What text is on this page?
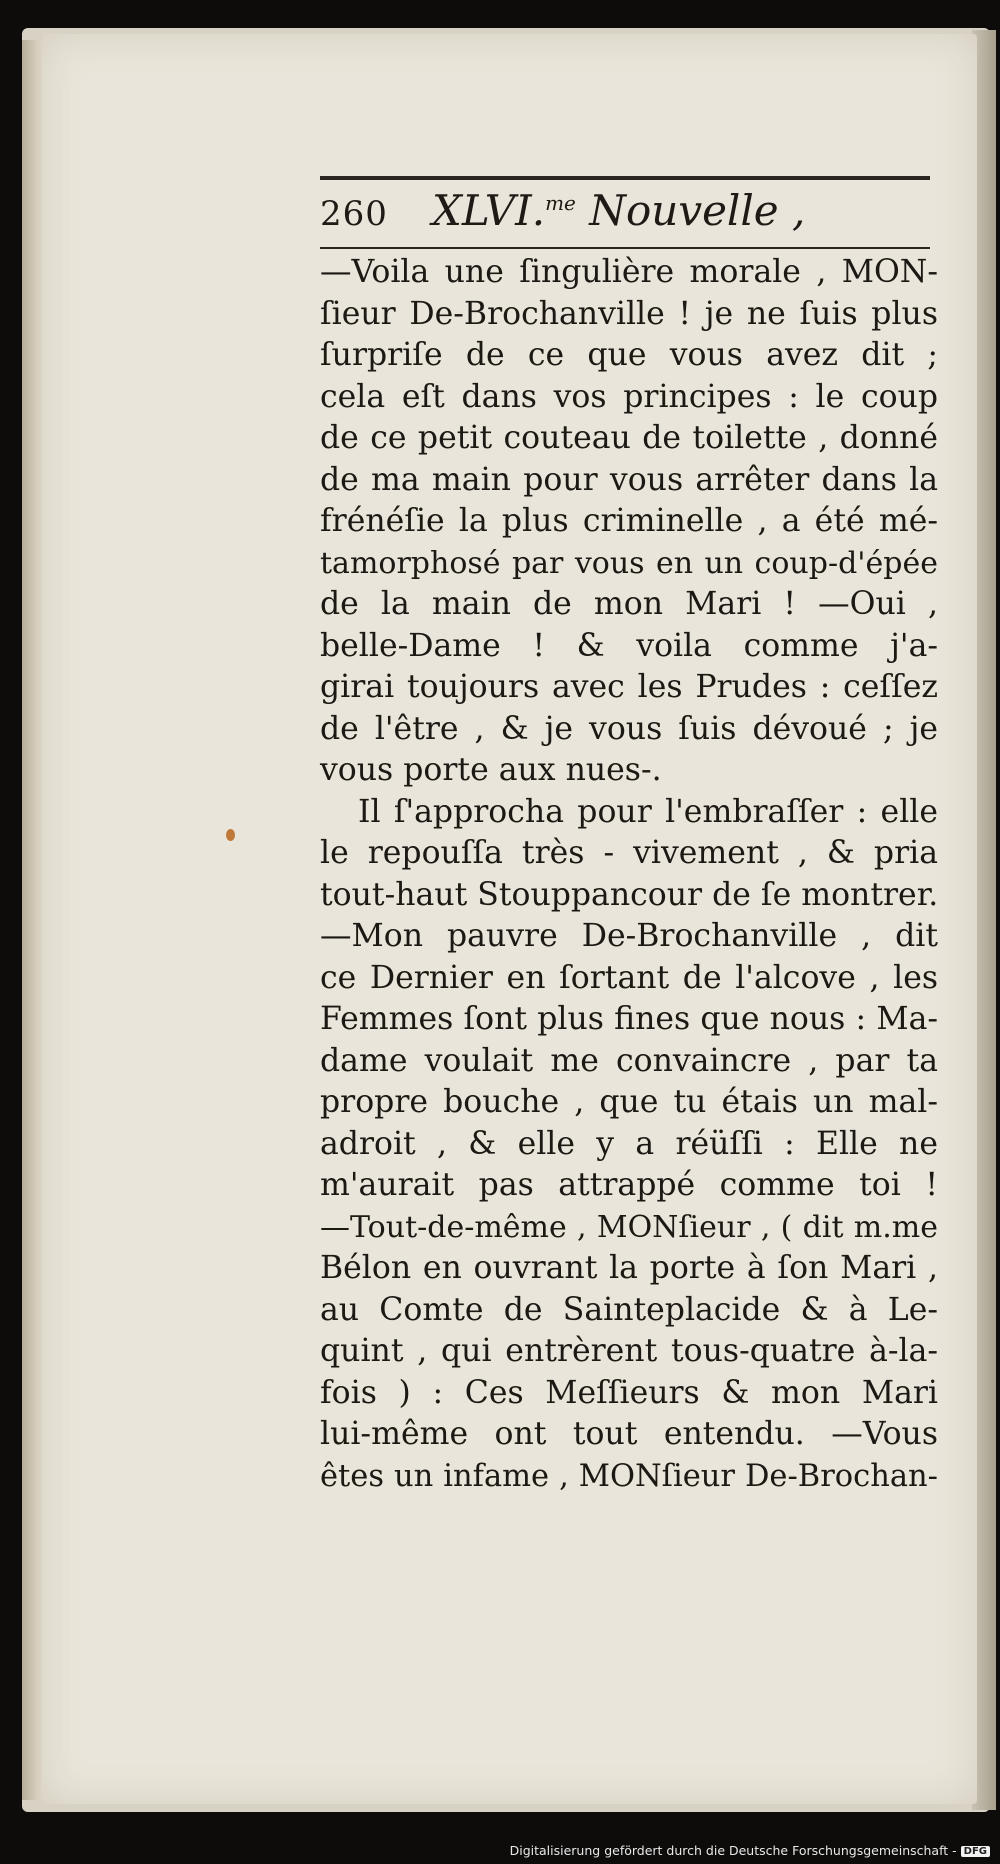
260 XLVI.$^{me}$ Nouvelle ,
—Voila une ſingulière morale , MON-
ſieur De-Brochanville ! je ne ſuis plus
ſurpriſe de ce que vous avez dit ;
cela eſt dans vos principes : le coup
de ce petit couteau de toilette , donné
de ma main pour vous arrêter dans la
frénéſie la plus criminelle , a été mé-
tamorphosé par vous en un coup-d'épée
de la main de mon Mari ! —Oui ,
belle-Dame ! & voila comme j'a-
girai toujours avec les Prudes : ceſſez
de l'être , & je vous ſuis dévoué ; je
vous porte aux nues-.
Il ſ'approcha pour l'embraſſer : elle
le repouſſa très - vivement , & pria
tout-haut Stouppancour de ſe montrer.
—Mon pauvre De-Brochanville , dit
ce Dernier en ſortant de l'alcove , les
Femmes ſont plus fines que nous : Ma-
dame voulait me convaincre , par ta
propre bouche , que tu étais un mal-
adroit , & elle y a réüſſi : Elle ne
m'aurait pas attrappé comme toi !
—Tout-de-même , MONſieur , ( dit m.me
Bélon en ouvrant la porte à ſon Mari ,
au Comte de Sainteplacide & à Le-
quint , qui entrèrent tous-quatre à-la-
fois ) : Ces Meſſieurs & mon Mari
lui-même ont tout entendu. —Vous
êtes un infame , MONſieur De-Brochan-
Digitalisierung gefördert durch die Deutsche Forschungsgemeinschaft - DFG
